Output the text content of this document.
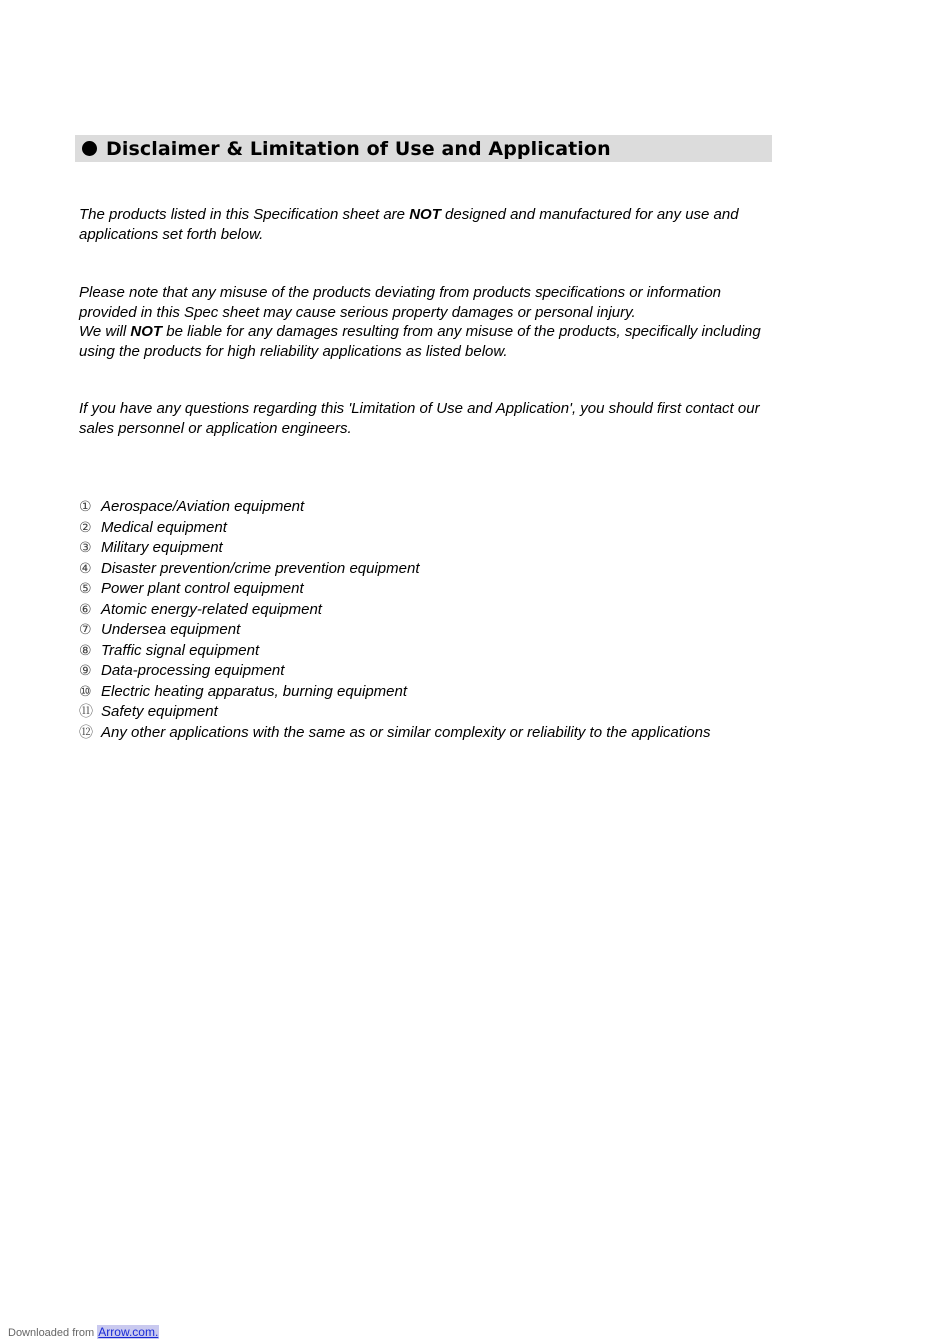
Disclaimer & Limitation of Use and Application
The products listed in this Specification sheet are NOT designed and manufactured for any use and applications set forth below.
Please note that any misuse of the products deviating from products specifications or information provided in this Spec sheet may cause serious property damages or personal injury.
We will NOT be liable for any damages resulting from any misuse of the products, specifically including using the products for high reliability applications as listed below.
If you have any questions regarding this 'Limitation of Use and Application', you should first contact our sales personnel or application engineers.
① Aerospace/Aviation equipment
② Medical equipment
③ Military equipment
④ Disaster prevention/crime prevention equipment
⑤ Power plant control equipment
⑥ Atomic energy-related equipment
⑦ Undersea equipment
⑧ Traffic signal equipment
⑨ Data-processing equipment
⑩ Electric heating apparatus, burning equipment
⑪ Safety equipment
⑫ Any other applications with the same as or similar complexity or reliability to the applications
Downloaded from Arrow.com.
